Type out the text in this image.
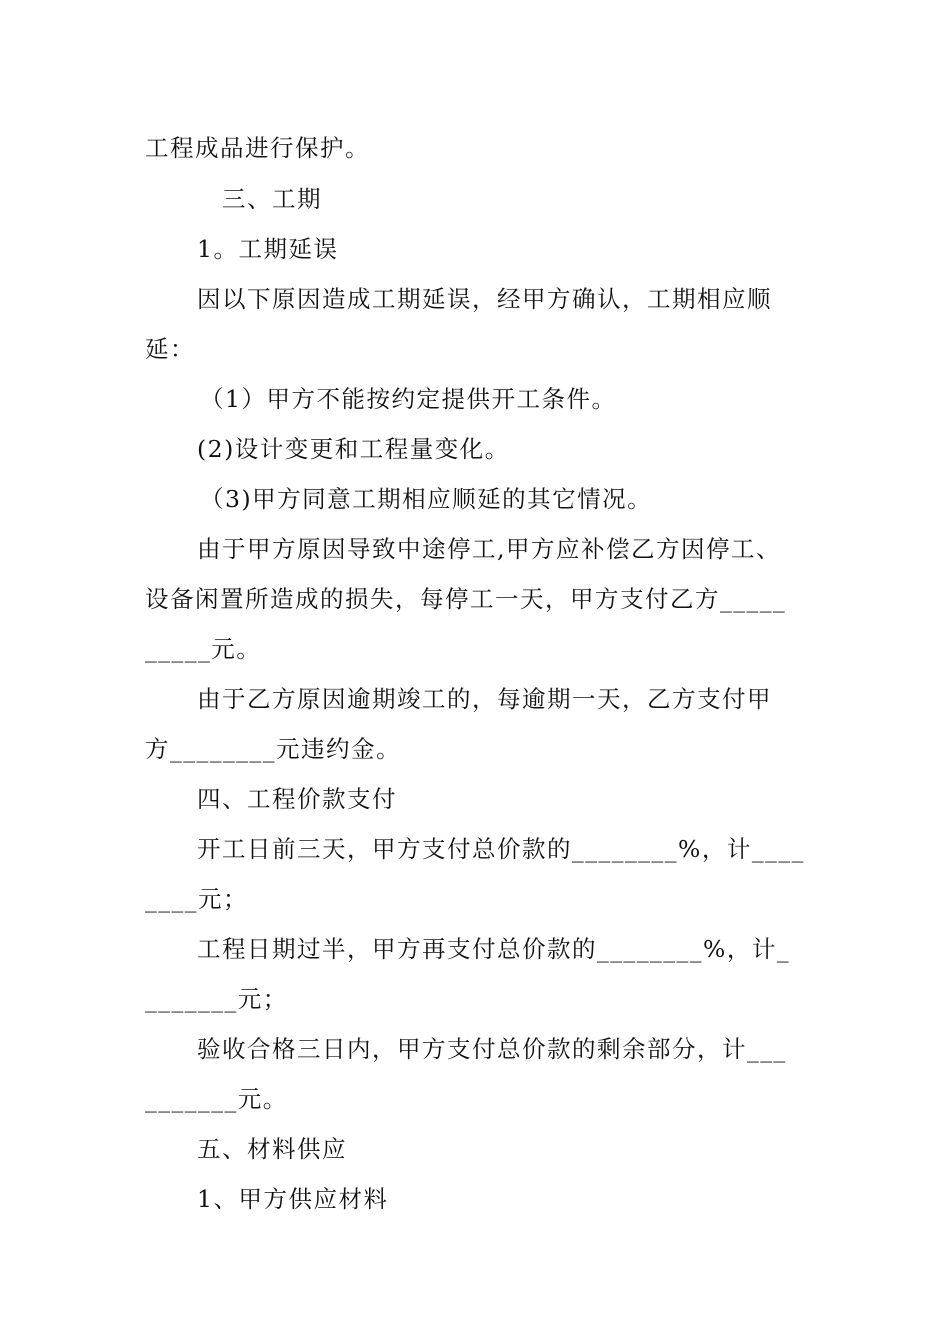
工程成品进行保护。
三、工期
1。工期延误
因以下原因造成工期延误，经甲方确认，工期相应顺
延：
（1）甲方不能按约定提供开工条件。
(2)设计变更和工程量变化。
（3)甲方同意工期相应顺延的其它情况。
由于甲方原因导致中途停工,甲方应补偿乙方因停工、
设备闲置所造成的损失，每停工一天，甲方支付乙方_____
_____元。
由于乙方原因逾期竣工的，每逾期一天，乙方支付甲
方________元违约金。
四、工程价款支付
开工日前三天，甲方支付总价款的________%，计____
____元；
工程日期过半，甲方再支付总价款的________%，计_
_______元；
验收合格三日内，甲方支付总价款的剩余部分，计___
_______元。
五、材料供应
1、甲方供应材料
